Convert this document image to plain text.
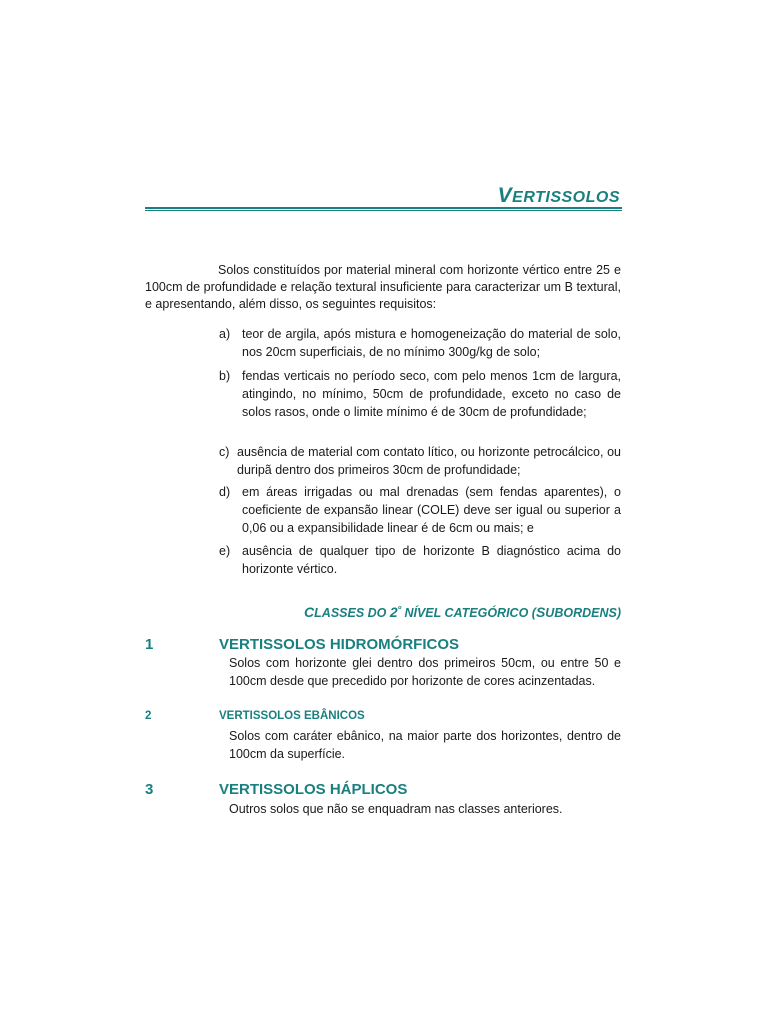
VERTISSOLOS

Solos constituídos por material mineral com horizonte vértico entre 25 e 100cm de profundidade e relação textural insuficiente para caracterizar um B textural, e apresentando, além disso, os seguintes requisitos:

a) teor de argila, após mistura e homogeneização do material de solo, nos 20cm superficiais, de no mínimo 300g/kg de solo;
b) fendas verticais no período seco, com pelo menos 1cm de largura, atingindo, no mínimo, 50cm de profundidade, exceto no caso de solos rasos, onde o limite mínimo é de 30cm de profundidade;
c) ausência de material com contato lítico, ou horizonte petrocálcico, ou duripã dentro dos primeiros 30cm de profundidade;
d) em áreas irrigadas ou mal drenadas (sem fendas aparentes), o coeficiente de expansão linear (COLE) deve ser igual ou superior a 0,06 ou a expansibilidade linear é de 6cm ou mais; e
e) ausência de qualquer tipo de horizonte B diagnóstico acima do horizonte vértico.
CLASSES DO $2^º$ NÍVEL CATEGÓRICO (SUBORDENS)
1	VERTISSOLOS HIDROMÓRFICOS

Solos com horizonte glei dentro dos primeiros 50cm, ou entre 50 e 100cm desde que precedido por horizonte de cores acinzentadas.

2	VERTISSOLOS EBÂNICOS

Solos com caráter ebânico, na maior parte dos horizontes, dentro de 100cm da superfície.

3	VERTISSOLOS HÁPLICOS

Outros solos que não se enquadram nas classes anteriores.
